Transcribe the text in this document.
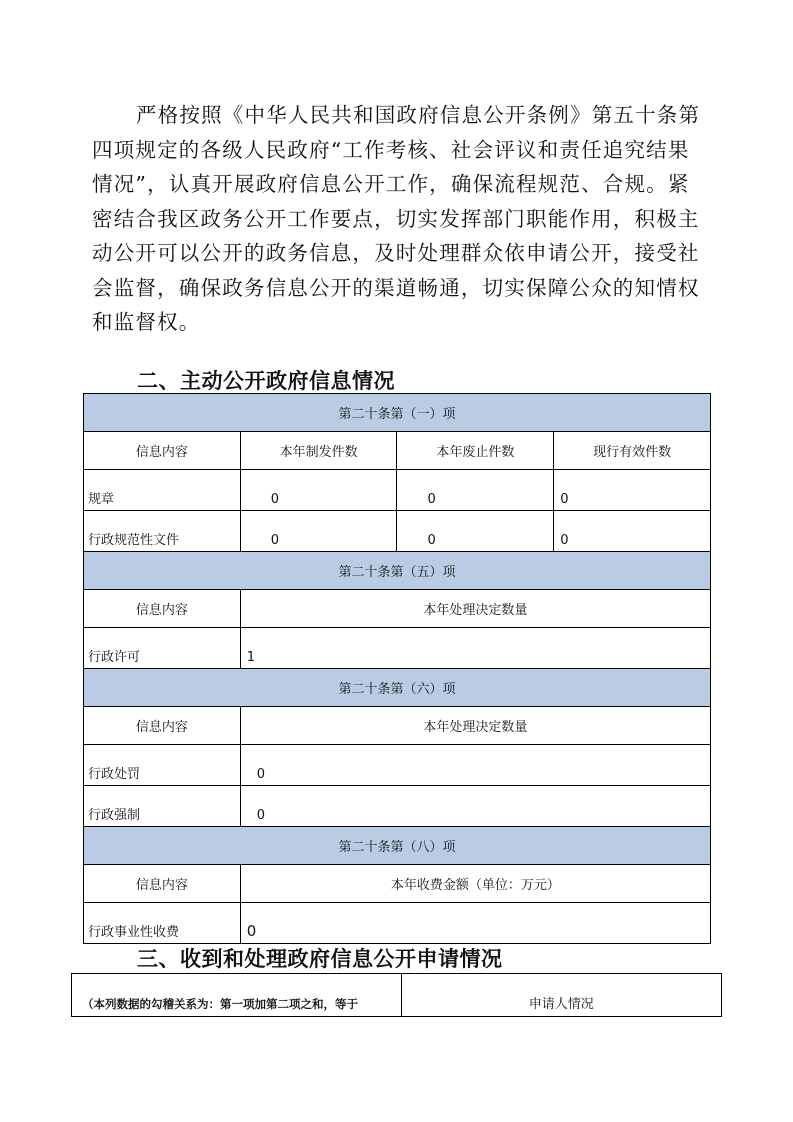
严格按照《中华人民共和国政府信息公开条例》第五十条第四项规定的各级人民政府“工作考核、社会评议和责任追究结果情况”，认真开展政府信息公开工作，确保流程规范、合规。紧密结合我区政务公开工作要点，切实发挥部门职能作用，积极主动公开可以公开的政务信息，及时处理群众依申请公开，接受社会监督，确保政务信息公开的渠道畅通，切实保障公众的知情权和监督权。

二、主动公开政府信息情况
第二十条第（一）项			
信息内容	本年制发件数	本年废止件数	现行有效件数
规章	0	0	0
行政规范性文件	0	0	0
第二十条第（五）项			
信息内容	本年处理决定数量		
行政许可	1		
第二十条第（六）项			
信息内容	本年处理决定数量		
行政处罚	0		
行政强制	0		
第二十条第（八）项			
信息内容	本年收费金额（单位：万元）		
行政事业性收费	0		
三、收到和处理政府信息公开申请情况
（本列数据的勾稽关系为：第一项加第二项之和，等于	申请人情况
